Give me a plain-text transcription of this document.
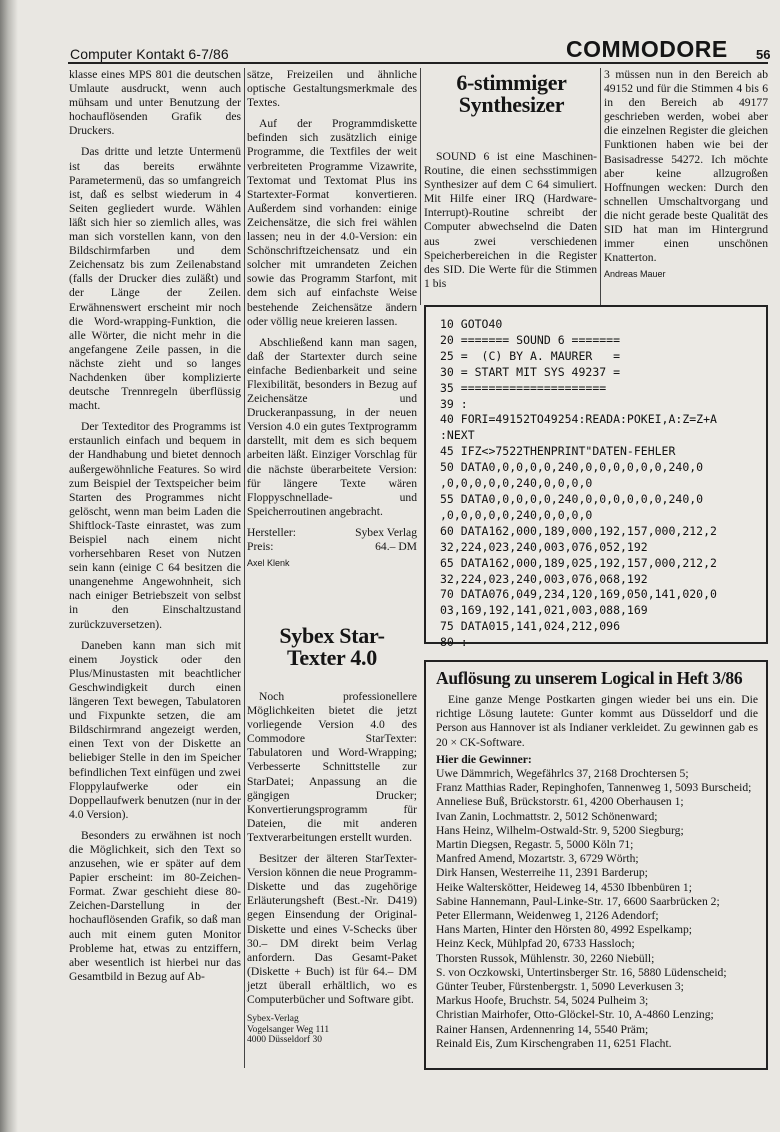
Computer Kontakt 6-7/86	COMMODORE 56

klasse eines MPS 801 die deutschen Umlaute ausdruckt, wenn auch mühsam und unter Benutzung der hochauflösenden Grafik des Druckers.

Das dritte und letzte Untermenü ist das bereits erwähnte Parametermenü, das so umfangreich ist, daß es selbst wiederum in 4 Seiten gegliedert wurde. Wählen läßt sich hier so ziemlich alles, was man sich vorstellen kann, von den Bildschirmfarben und dem Zeichensatz bis zum Zeilenabstand (falls der Drucker dies zuläßt) und der Länge der Zeilen. Erwähnenswert erscheint mir noch die Word-wrapping-Funktion, die alle Wörter, die nicht mehr in die angefangene Zeile passen, in die nächste zieht und so langes Nachdenken über komplizierte deutsche Trennregeln überflüssig macht.

Der Texteditor des Programms ist erstaunlich einfach und bequem in der Handhabung und bietet dennoch außergewöhnliche Features. So wird zum Beispiel der Textspeicher beim Starten des Programmes nicht gelöscht, wenn man beim Laden die Shiftlock-Taste einrastet, was zum Beispiel nach einem nicht vorhersehbaren Reset von Nutzen sein kann (einige C 64 besitzen die unangenehme Angewohnheit, sich nach einiger Betriebszeit von selbst in den Einschaltzustand zurückzuversetzen).

Daneben kann man sich mit einem Joystick oder den Plus/Minustasten mit beachtlicher Geschwindigkeit durch einen längeren Text bewegen, Tabulatoren und Fixpunkte setzen, die am Bildschirmrand angezeigt werden, einen Text von der Diskette an beliebiger Stelle in den im Speicher befindlichen Text einfügen und zwei Floppylaufwerke oder ein Doppellaufwerk benutzen (nur in der 4.0 Version).

Besonders zu erwähnen ist noch die Möglichkeit, sich den Text so anzusehen, wie er später auf dem Papier erscheint: im 80-Zeichen-Format. Zwar geschieht diese 80-Zeichen-Darstellung in der hochauflösenden Grafik, so daß man auch mit einem guten Monitor Probleme hat, etwas zu entziffern, aber wesentlich ist hierbei nur das Gesamtbild in Bezug auf Ab-

sätze, Freizeilen und ähnliche optische Gestaltungsmerkmale des Textes.

Auf der Programmdiskette befinden sich zusätzlich einige Programme, die Textfiles der weit verbreiteten Programme Vizawrite, Textomat und Textomat Plus ins Startexter-Format konvertieren. Außerdem sind vorhanden: einige Zeichensätze, die sich frei wählen lassen; neu in der 4.0-Version: ein Schönschriftzeichensatz und ein solcher mit umrandeten Zeichen sowie das Programm Starfont, mit dem sich auf einfachste Weise bestehende Zeichensätze ändern oder völlig neue kreieren lassen.

Abschließend kann man sagen, daß der Startexter durch seine einfache Bedienbarkeit und seine Flexibilität, besonders in Bezug auf Zeichensätze und Druckeranpassung, in der neuen Version 4.0 ein gutes Textprogramm darstellt, mit dem es sich bequem arbeiten läßt. Einziger Vorschlag für die nächste überarbeitete Version: für längere Texte wären Floppyschnellade- und Speicherroutinen angebracht.

Hersteller:	Sybex Verlag
Preis:	64.– DM
Axel Klenk
Sybex Star-
Texter 4.0

Noch professionellere Möglichkeiten bietet die jetzt vorliegende Version 4.0 des Commodore StarTexter: Tabulatoren und Word-Wrapping; Verbesserte Schnittstelle zur StarDatei; Anpassung an die gängigen Drucker; Konvertierungsprogramm für Dateien, die mit anderen Textverarbeitungen erstellt wurden.

Besitzer der älteren StarTexter-Version können die neue Programm-Diskette und das zugehörige Erläuterungsheft (Best.-Nr. D419) gegen Einsendung der Original-Diskette und eines V-Schecks über 30.– DM direkt beim Verlag anfordern. Das Gesamt-Paket (Diskette + Buch) ist für 64.– DM jetzt überall erhältlich, wo es Computerbücher und Software gibt.

Sybex-Verlag
Vogelsanger Weg 111
4000 Düsseldorf 30
6-stimmiger
Synthesizer

SOUND 6 ist eine Maschinen-Routine, die einen sechsstimmigen Synthesizer auf dem C 64 simuliert. Mit Hilfe einer IRQ (Hardware-Interrupt)-Routine schreibt der Computer abwechselnd die Daten aus zwei verschiedenen Speicherbereichen in die Register des SID. Die Werte für die Stimmen 1 bis

3 müssen nun in den Bereich ab 49152 und für die Stimmen 4 bis 6 in den Bereich ab 49177 geschrieben werden, wobei aber die einzelnen Register die gleichen Funktionen haben wie bei der Basisadresse 54272. Ich möchte aber keine allzugroßen Hoffnungen wecken: Durch den schnellen Umschaltvorgang und die nicht gerade beste Qualität des SID hat man im Hintergrund immer einen unschönen Knatterton.

Andreas Mauer
10 GOTO40
20 ======= SOUND 6 =======
25 =  (C) BY A. MAURER   =
30 = START MIT SYS 49237 =
35 =====================
39 :
40 FORI=49152TO49254:READA:POKEI,A:Z=Z+A
:NEXT
45 IFZ<>7522THENPRINT"DATEN-FEHLER
50 DATA0,0,0,0,0,240,0,0,0,0,0,0,240,0
,0,0,0,0,0,240,0,0,0,0
55 DATA0,0,0,0,0,240,0,0,0,0,0,0,240,0
,0,0,0,0,0,240,0,0,0,0
60 DATA162,000,189,000,192,157,000,212,2
32,224,023,240,003,076,052,192
65 DATA162,000,189,025,192,157,000,212,2
32,224,023,240,003,076,068,192
70 DATA076,049,234,120,169,050,141,020,0
03,169,192,141,021,003,088,169
75 DATA015,141,024,212,096
80 :
Auflösung zu unserem Logical in Heft 3/86

Eine ganze Menge Postkarten gingen wieder bei uns ein. Die richtige Lösung lautete: Gunter kommt aus Düsseldorf und die Person aus Hannover ist als Indianer verkleidet. Zu gewinnen gab es 20 × CK-Software.

Hier die Gewinner:

Uwe Dämmrich, Wegefährlcs 37, 2168 Drochtersen 5;
Franz Matthias Rader, Repinghofen, Tannenweg 1, 5093 Burscheid; Anneliese Buß, Brückstorstr. 61, 4200 Oberhausen 1;
Ivan Zanin, Lochmattstr. 2, 5012 Schönenward;
Hans Heinz, Wilhelm-Ostwald-Str. 9, 5200 Siegburg;
Martin Diegsen, Regastr. 5, 5000 Köln 71;
Manfred Amend, Mozartstr. 3, 6729 Wörth;
Dirk Hansen, Westerreihe 11, 2391 Barderup;
Heike Walterskötter, Heideweg 14, 4530 Ibbenbüren 1;
Sabine Hannemann, Paul-Linke-Str. 17, 6600 Saarbrücken 2;
Peter Ellermann, Weidenweg 1, 2126 Adendorf;
Hans Marten, Hinter den Hörsten 80, 4992 Espelkamp;
Heinz Keck, Mühlpfad 20, 6733 Hassloch;
Thorsten Russok, Mühlenstr. 30, 2260 Niebüll;
S. von Oczkowski, Untertinsberger Str. 16, 5880 Lüdenscheid; Günter Teuber, Fürstenbergstr. 1, 5090 Leverkusen 3;
Markus Hoofe, Bruchstr. 54, 5024 Pulheim 3;
Christian Mairhofer, Otto-Glöckel-Str. 10, A-4860 Lenzing;
Rainer Hansen, Ardennenring 14, 5540 Präm;
Reinald Eis, Zum Kirschengraben 11, 6251 Flacht.
